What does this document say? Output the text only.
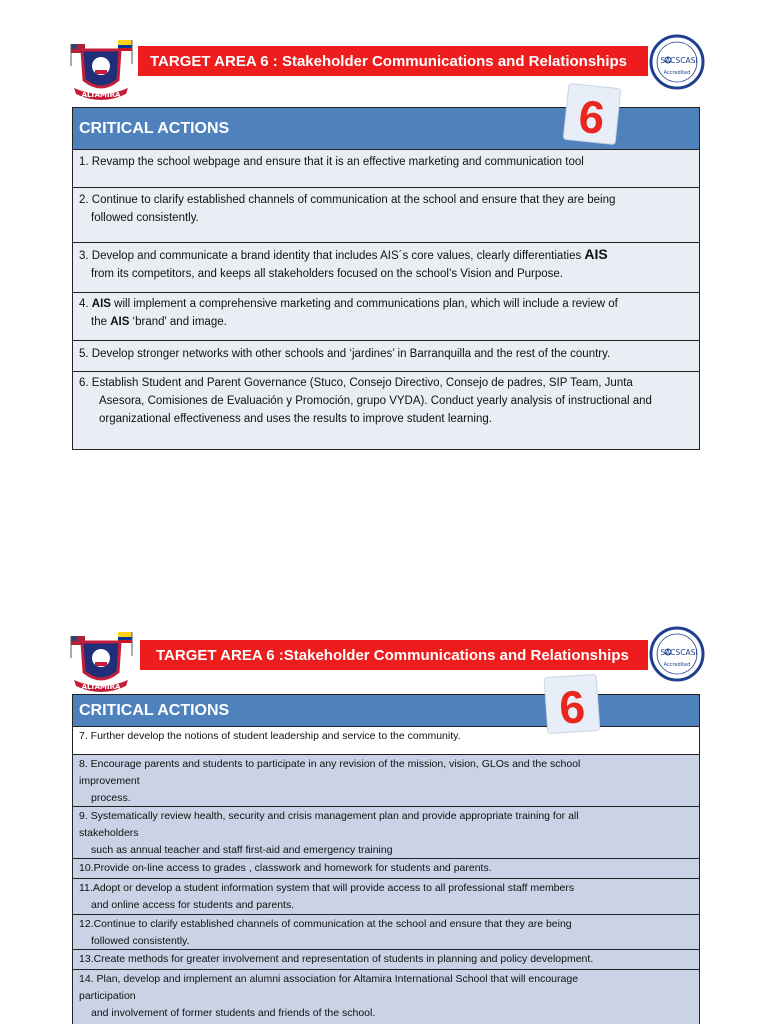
ALTAMIRA
TARGET AREA 6 : Stakeholder Communications and Relationships	SACSCASI
Accredited
CRITICAL ACTIONS
1. Revamp the school webpage and ensure that it is an effective marketing and communication tool
2. Continue to clarify established channels of communication at the school and ensure that they are being
followed consistently.
3. Develop and communicate a brand identity that includes AIS´s core values, clearly differentiaties AIS
from its competitors, and keeps all stakeholders focused on the school’s Vision and Purpose.
4. AIS will implement a comprehensive marketing and communications plan, which will include a review of
the AIS ‘brand' and image.
5. Develop stronger networks with other schools and ‘jardines’ in Barranquilla and the rest of the country.
6. Establish Student and Parent Governance (Stuco, Consejo Directivo, Consejo de padres, SIP Team, Junta
Asesora, Comisiones de Evaluación y Promoción, grupo VYDA). Conduct yearly analysis of instructional and
organizational effectiveness and uses the results to improve student learning.
6
ALTAMIRA
TARGET AREA 6 :Stakeholder Communications and Relationships	SACSCASI
Accredited
CRITICAL ACTIONS
7. Further develop the notions of student leadership and service to the community.
8. Encourage parents and students to participate in any revision of the mission, vision, GLOs and the school
improvement
process.
9. Systematically review health, security and crisis management plan and provide appropriate training for all
stakeholders
such as annual teacher and staff first-aid and emergency training
10.Provide on-line access to grades , classwork and homework for students and parents.
11.Adopt or develop a student information system that will provide access to all professional staff members
and online access for students and parents.
12.Continue to clarify established channels of communication at the school and ensure that they are being
followed consistently.
13.Create methods for greater involvement and representation of students in planning and policy development.
14. Plan, develop and implement an alumni association for Altamira International School that will encourage
participation
and involvement of former students and friends of the school.
6
